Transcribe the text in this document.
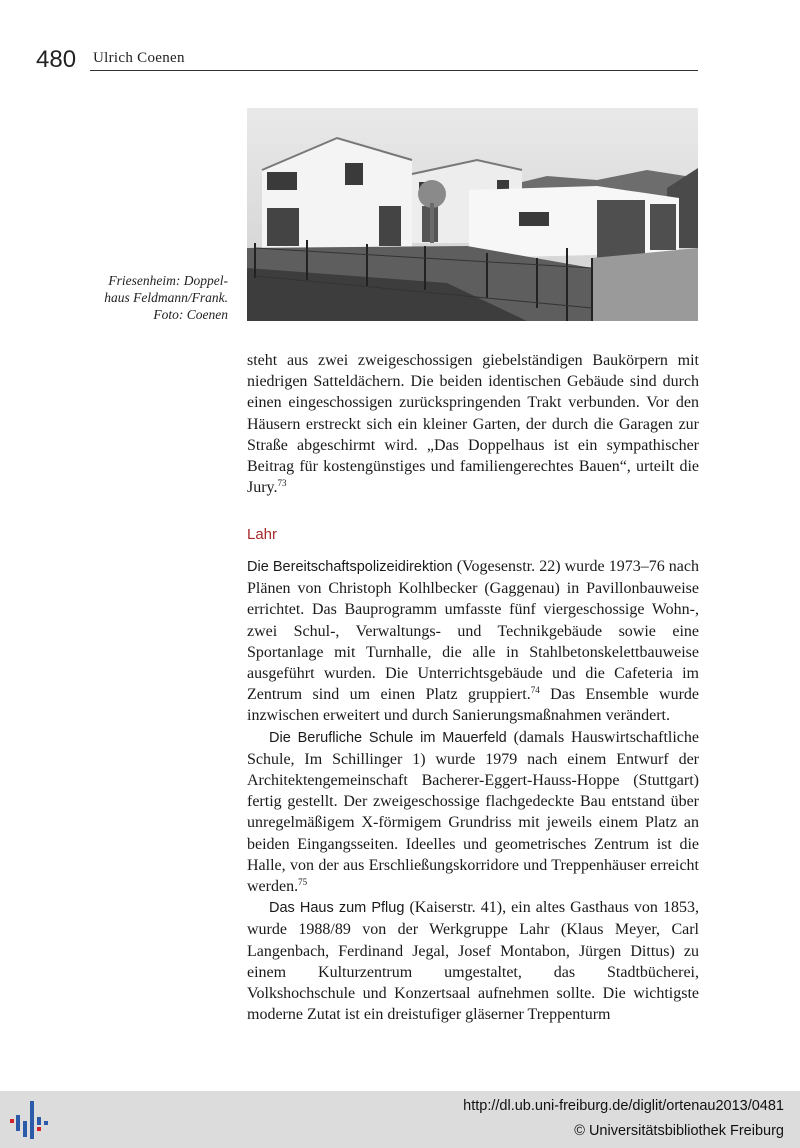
480 Ulrich Coenen
Friesenheim: Doppel-
haus Feldmann/Frank.
Foto: Coenen

steht aus zwei zweigeschossigen giebelständigen Baukörpern mit niedrigen Satteldächern. Die beiden identischen Gebäude sind durch einen eingeschossigen zurückspringenden Trakt verbunden. Vor den Häusern erstreckt sich ein kleiner Garten, der durch die Garagen zur Straße abgeschirmt wird. „Das Doppelhaus ist ein sympathischer Beitrag für kostengünstiges und familiengerechtes Bauen“, urteilt die Jury.$^{73}$

Lahr

Die Bereitschaftspolizeidirektion (Vogesenstr. 22) wurde 1973–76 nach Plänen von Christoph Kolhlbecker (Gaggenau) in Pavillonbauweise errichtet. Das Bauprogramm umfasste fünf viergeschossige Wohn-, zwei Schul-, Verwaltungs- und Technikgebäude sowie eine Sportanlage mit Turnhalle, die alle in Stahlbetonskelettbauweise ausgeführt wurden. Die Unterrichtsgebäude und die Cafeteria im Zentrum sind um einen Platz gruppiert.$^{74}$ Das Ensemble wurde inzwischen erweitert und durch Sanierungsmaßnahmen verändert.

Die Berufliche Schule im Mauerfeld (damals Hauswirtschaftliche Schule, Im Schillinger 1) wurde 1979 nach einem Entwurf der Architektengemeinschaft Bacherer-Eggert-Hauss-Hoppe (Stuttgart) fertig gestellt. Der zweigeschossige flachgedeckte Bau entstand über unregelmäßigem X-förmigem Grundriss mit jeweils einem Platz an beiden Eingangsseiten. Ideelles und geometrisches Zentrum ist die Halle, von der aus Erschließungskorridore und Treppenhäuser erreicht werden.$^{75}$

Das Haus zum Pflug (Kaiserstr. 41), ein altes Gasthaus von 1853, wurde 1988/89 von der Werkgruppe Lahr (Klaus Meyer, Carl Langenbach, Ferdinand Jegal, Josef Montabon, Jürgen Dittus) zu einem Kulturzentrum umgestaltet, das Stadtbücherei, Volkshochschule und Konzertsaal aufnehmen sollte. Die wichtigste moderne Zutat ist ein dreistufiger gläserner Treppenturm

http://dl.ub.uni-freiburg.de/diglit/ortenau2013/0481
© Universitätsbibliothek Freiburg
